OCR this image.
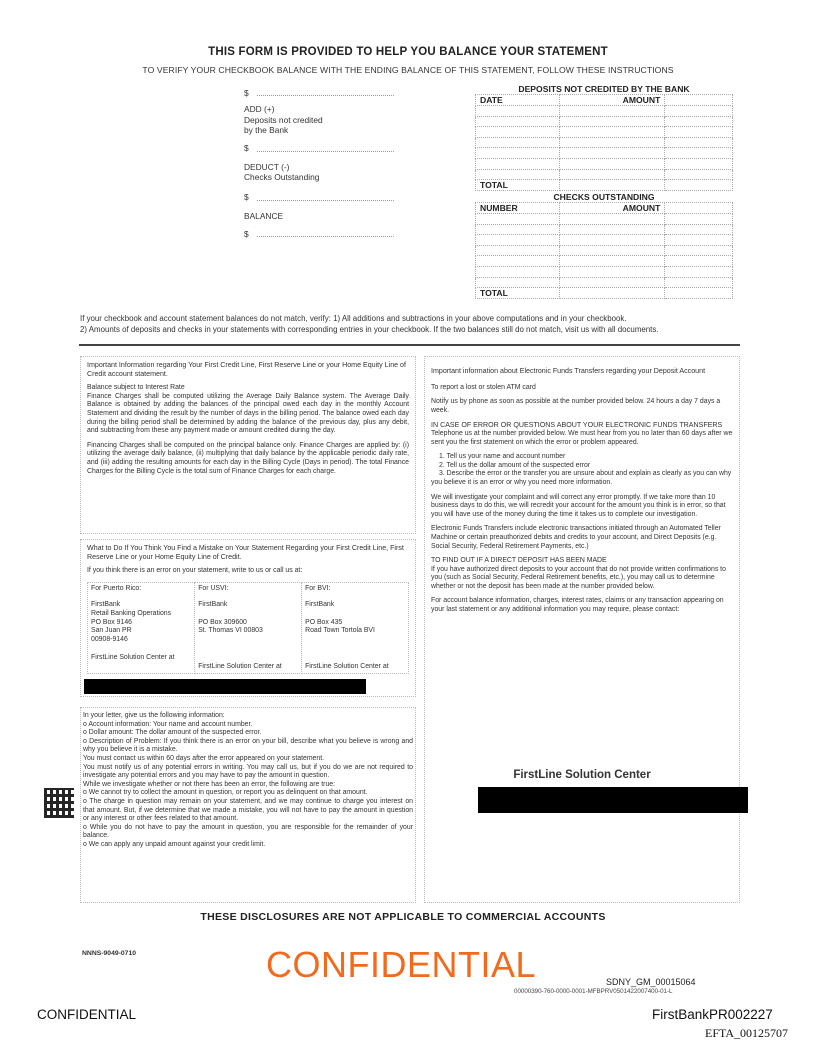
THIS FORM IS PROVIDED TO HELP YOU BALANCE YOUR STATEMENT
TO VERIFY YOUR CHECKBOOK BALANCE WITH THE ENDING BALANCE OF THIS STATEMENT, FOLLOW THESE INSTRUCTIONS
$
ADD (+)
Deposits not credited
by the Bank
$
DEDUCT (-)
Checks Outstanding
$
BALANCE
$
DEPOSITS NOT CREDITED BY THE BANK		
DATE	AMOUNT	

TOTAL		
CHECKS OUTSTANDING		
NUMBER	AMOUNT	

TOTAL		
If your checkbook and account statement balances do not match, verify: 1) All additions and subtractions in your above computations and in your checkbook.
2) Amounts of deposits and checks in your statements with corresponding entries in your checkbook. If the two balances still do not match, visit us with all documents.

Important Information regarding Your First Credit Line, First Reserve Line or your Home Equity Line of Credit account statement.

Balance subject to Interest Rate

Finance Charges shall be computed utilizing the Average Daily Balance system. The Average Daily Balance is obtained by adding the balances of the principal owed each day in the monthly Account Statement and dividing the result by the number of days in the billing period. The balance owed each day during the billing period shall be determined by adding the balance of the previous day, plus any debit, and subtracting from these any payment made or amount credited during the day.

Financing Charges shall be computed on the principal balance only. Finance Charges are applied by: (i) utilizing the average daily balance, (ii) multiplying that daily balance by the applicable periodic daily rate, and (iii) adding the resulting amounts for each day in the Billing Cycle (Days in period). The total Finance Charges for the Billing Cycle is the total sum of Finance Charges for each charge.

What to Do If You Think You Find a Mistake on Your Statement Regarding your First Credit Line, First Reserve Line or your Home Equity Line of Credit.

If you think there is an error on your statement, write to us or call us at:

For Puerto Rico:
FirstBank
Retail Banking Operations
PO Box 9146
San Juan PR
00908-9146
FirstLine Solution Center at

For USVI:
FirstBank
PO Box 309600
St. Thomas VI 00803
FirstLine Solution Center at

For BVI:
FirstBank
PO Box 435
Road Town Tortola BVI
FirstLine Solution Center at
In your letter, give us the following information:
o Account information: Your name and account number.
o Dollar amount: The dollar amount of the suspected error.
o Description of Problem: If you think there is an error on your bill, describe what you believe is wrong and why you believe it is a mistake.
You must contact us within 60 days after the error appeared on your statement.
You must notify us of any potential errors in writing. You may call us, but if you do we are not required to investigate any potential errors and you may have to pay the amount in question.
While we investigate whether or not there has been an error, the following are true:
o We cannot try to collect the amount in question, or report you as delinquent on that amount.
o The charge in question may remain on your statement, and we may continue to charge you interest on that amount. But, if we determine that we made a mistake, you will not have to pay the amount in question or any interest or other fees related to that amount.
o While you do not have to pay the amount in question, you are responsible for the remainder of your balance.
o We can apply any unpaid amount against your credit limit.

Important information about Electronic Funds Transfers regarding your Deposit Account

To report a lost or stolen ATM card

Notify us by phone as soon as possible at the number provided below. 24 hours a day 7 days a week.

IN CASE OF ERROR OR QUESTIONS ABOUT YOUR ELECTRONIC FUNDS TRANSFERS

Telephone us at the number provided below. We must hear from you no later than 60 days after we sent you the first statement on which the error or problem appeared.

1. Tell us your name and account number
2. Tell us the dollar amount of the suspected error

3. Describe the error or the transfer you are unsure about and explain as clearly as you can why you believe it is an error or why you need more information.

We will investigate your complaint and will correct any error promptly. If we take more than 10 business days to do this, we will recredit your account for the amount you think is in error, so that you will have use of the money during the time it takes us to complete our investigation.

Electronic Funds Transfers include electronic transactions initiated through an Automated Teller Machine or certain preauthorized debits and credits to your account, and Direct Deposits (e.g. Social Security, Federal Retirement Payments, etc.)

TO FIND OUT IF A DIRECT DEPOSIT HAS BEEN MADE

If you have authorized direct deposits to your account that do not provide written confirmations to you (such as Social Security, Federal Retirement benefits, etc.), you may call us to determine whether or not the deposit has been made at the number provided below.

For account balance information, charges, interest rates, claims or any transaction appearing on your last statement or any additional information you may require, please contact:

FirstLine Solution Center
THESE DISCLOSURES ARE NOT APPLICABLE TO COMMERCIAL ACCOUNTS
NNNS-9049-0710	CONFIDENTIAL	SDNY_GM_00015064
00000390-760-0000-0001-MFBPRV0501422007400-01-L
CONFIDENTIAL	FirstBankPR002227
EFTA_00125707
